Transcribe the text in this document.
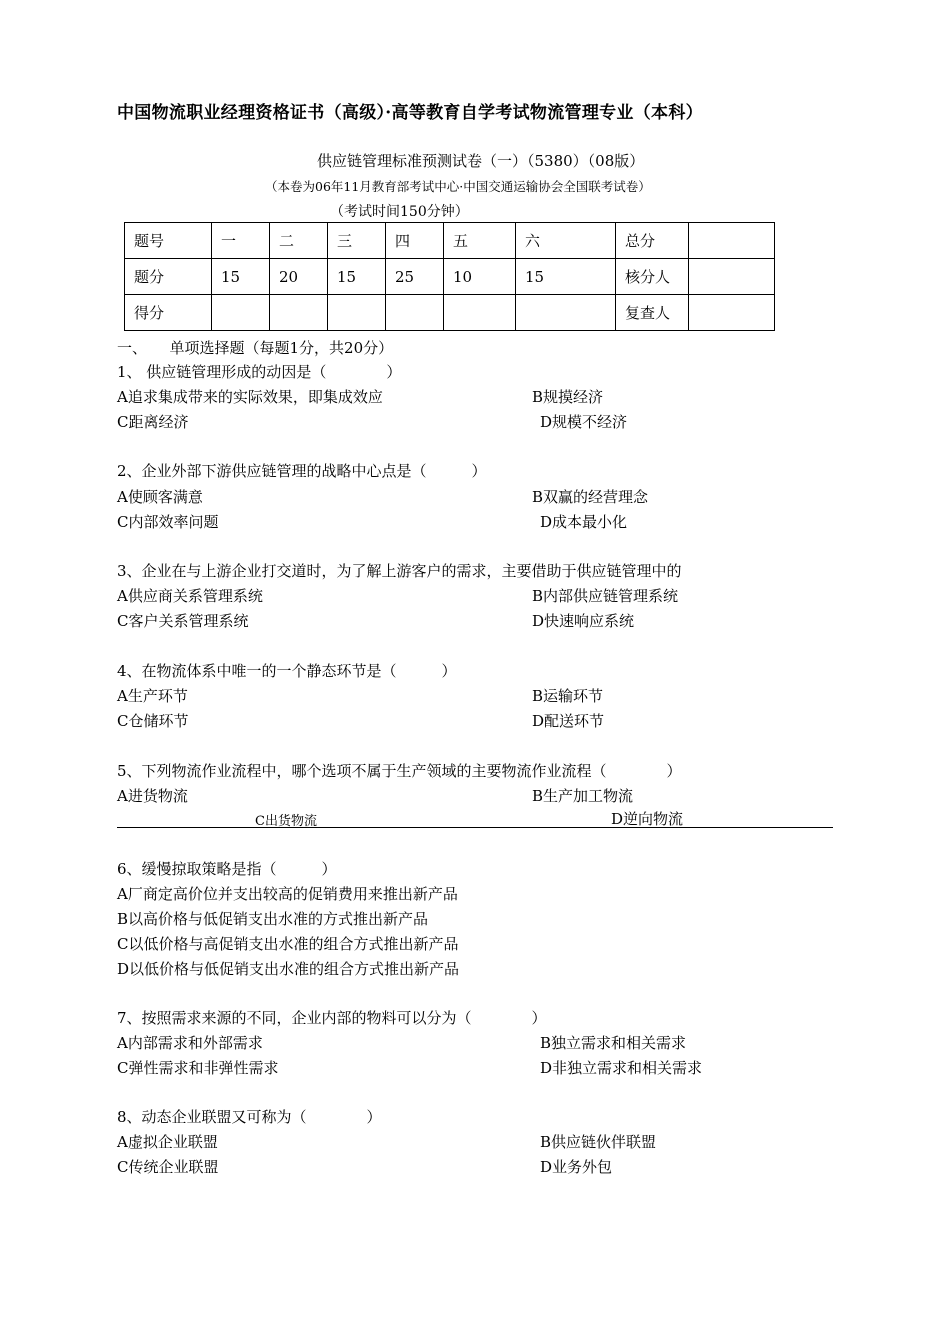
中国物流职业经理资格证书（高级）·高等教育自学考试物流管理专业（本科）
供应链管理标准预测试卷（一）（5380）（08版）
（本卷为06年11月教育部考试中心·中国交通运输协会全国联考试卷）
（考试时间150分钟）
题号	一	二	三	四	五	六	总分	
题分	15	20	15	25	10	15	核分人	
得分							复查人	
一、　　单项选择题（每题1分，共20分）
1、 供应链管理形成的动因是（　　　　）
A追求集成带来的实际效果，即集成效应	B规摸经济
C距离经济	D规模不经济
2、企业外部下游供应链管理的战略中心点是（　　　）
A使顾客满意	B双赢的经营理念
C内部效率问题	D成本最小化
3、企业在与上游企业打交道时，为了解上游客户的需求，主要借助于供应链管理中的
A供应商关系管理系统	B内部供应链管理系统
C客户关系管理系统	D快速响应系统
4、在物流体系中唯一的一个静态环节是（　　　）
A生产环节	B运输环节
C仓储环节	D配送环节
5、下列物流作业流程中，哪个选项不属于生产领域的主要物流作业流程（　　　　）
A进货物流	B生产加工物流
C出货物流	D逆向物流
6、缓慢掠取策略是指（　　　）
A厂商定高价位并支出较高的促销费用来推出新产品
B以高价格与低促销支出水准的方式推出新产品
C以低价格与高促销支出水准的组合方式推出新产品
D以低价格与低促销支出水准的组合方式推出新产品
7、按照需求来源的不同，企业内部的物料可以分为（　　　　）
A内部需求和外部需求	B独立需求和相关需求
C弹性需求和非弹性需求	D非独立需求和相关需求
8、动态企业联盟又可称为（　　　　）
A虚拟企业联盟	B供应链伙伴联盟
C传统企业联盟	D业务外包
